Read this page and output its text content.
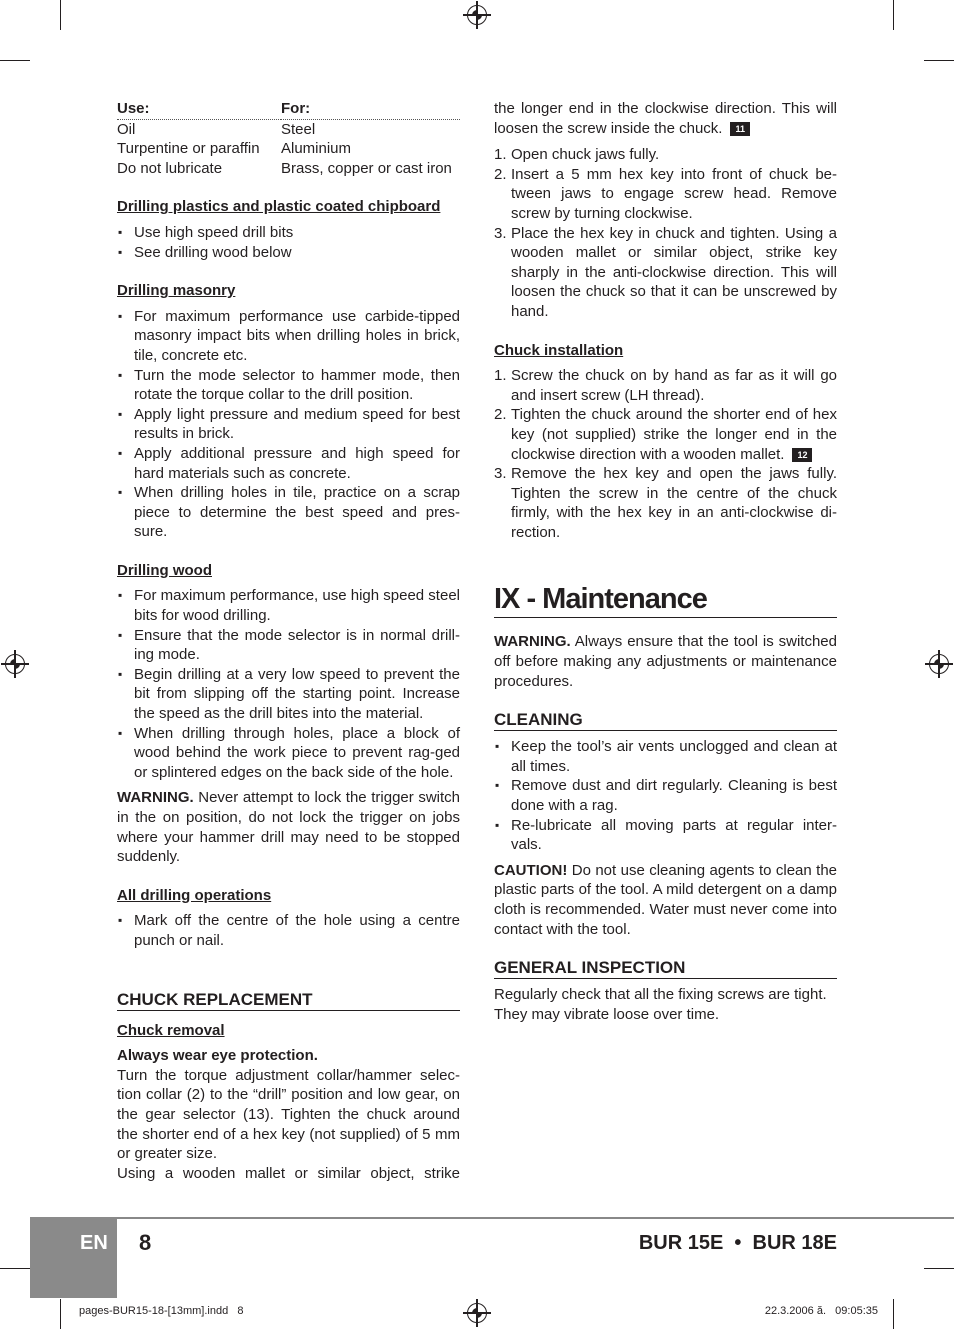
Use:	For:
Oil	Steel
Turpentine or paraffin	Aluminium
Do not lubricate	Brass, copper or cast iron
Drilling plastics and plastic coated chipboard
▪ Use high speed drill bits
▪ See drilling wood below
Drilling masonry
▪ For maximum performance use carbide-tipped masonry impact bits when drilling holes in brick, tile, concrete etc.
▪ Turn the mode selector to hammer mode, then rotate the torque collar to the drill position.
▪ Apply light pressure and medium speed for best results in brick.
▪ Apply additional pressure and high speed for hard materials such as concrete.
▪ When drilling holes in tile, practice on a scrap piece to determine the best speed and pres-sure.
Drilling wood
▪ For maximum performance, use high speed steel bits for wood drilling.
▪ Ensure that the mode selector is in normal drill-ing mode.
▪ Begin drilling at a very low speed to prevent the bit from slipping off the starting point. Increase the speed as the drill bites into the material.
▪ When drilling through holes, place a block of wood behind the work piece to prevent rag-ged or splintered edges on the back side of the hole.

WARNING. Never attempt to lock the trigger switch in the on position, do not lock the trigger on jobs where your hammer drill may need to be stopped suddenly.

All drilling operations
▪ Mark off the centre of the hole using a centre punch or nail.
CHUCK REPLACEMENT
Chuck removal

Always wear eye protection.

Turn the torque adjustment collar/hammer selec-tion collar (2) to the “drill” position and low gear, on the gear selector (13). Tighten the chuck around the shorter end of a hex key (not supplied) of 5 mm or greater size.

Using a wooden mallet or similar object, strike

the longer end in the clockwise direction. This will loosen the screw inside the chuck. 11

1. Open chuck jaws fully.
2. Insert a 5 mm hex key into front of chuck be-tween jaws to engage screw head. Remove screw by turning clockwise.
3. Place the hex key in chuck and tighten. Using a wooden mallet or similar object, strike key sharply in the anti-clockwise direction. This will loosen the chuck so that it can be unscrewed by hand.
Chuck installation
1. Screw the chuck on by hand as far as it will go and insert screw (LH thread).
2. Tighten the chuck around the shorter end of hex key (not supplied) strike the longer end in the clockwise direction with a wooden mallet. 12
3. Remove the hex key and open the jaws fully. Tighten the screw in the centre of the chuck firmly, with the hex key in an anti-clockwise di-rection.
IX - Maintenance

WARNING. Always ensure that the tool is switched off before making any adjustments or maintenance procedures.

CLEANING
▪ Keep the tool’s air vents unclogged and clean at all times.
▪ Remove dust and dirt regularly. Cleaning is best done with a rag.
▪ Re-lubricate all moving parts at regular inter-vals.

CAUTION! Do not use cleaning agents to clean the plastic parts of the tool. A mild detergent on a damp cloth is recommended. Water must never come into contact with the tool.

GENERAL INSPECTION

Regularly check that all the fixing screws are tight. They may vibrate loose over time.

EN 8	BUR 15E  •  BUR 18E
pages-BUR15-18-[13mm].indd   8	22.3.2006 ă.   09:05:35
